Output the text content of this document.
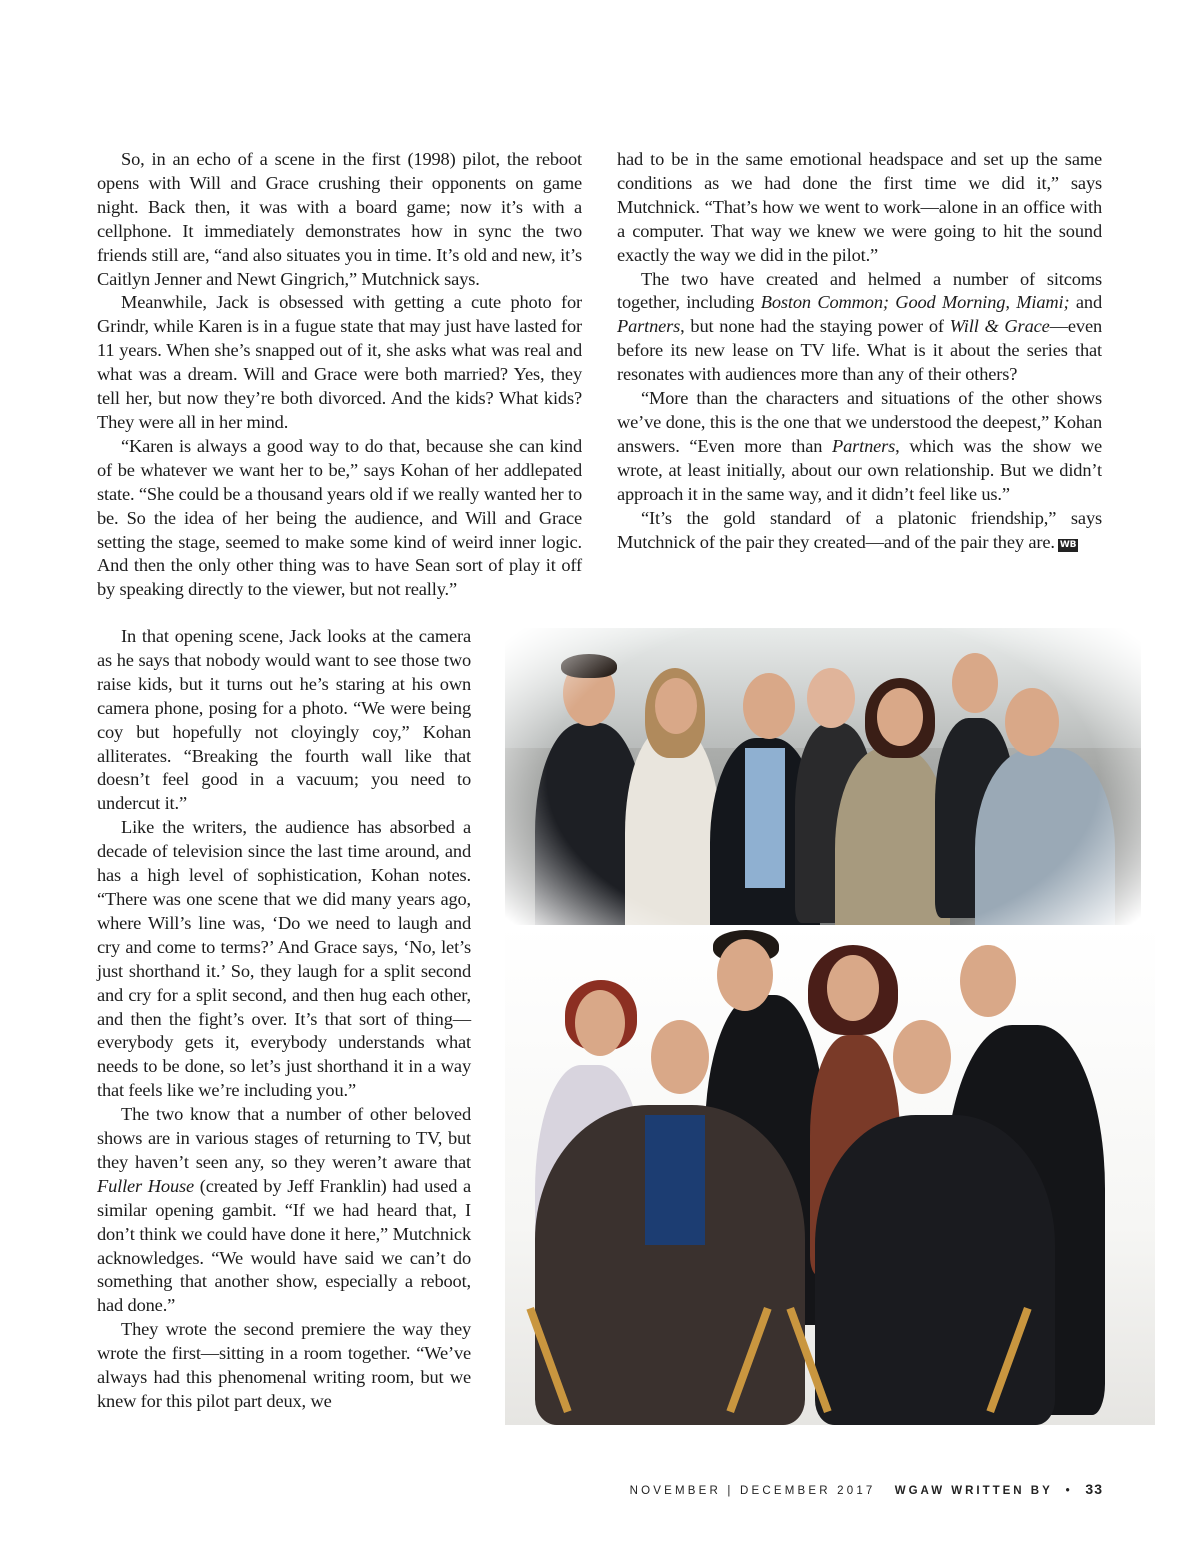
So, in an echo of a scene in the first (1998) pilot, the reboot opens with Will and Grace crushing their opponents on game night. Back then, it was with a board game; now it’s with a cellphone. It immediately demonstrates how in sync the two friends still are, “and also situates you in time. It’s old and new, it’s Caitlyn Jenner and Newt Gingrich,” Mutchnick says.

Meanwhile, Jack is obsessed with getting a cute photo for Grindr, while Karen is in a fugue state that may just have lasted for 11 years. When she’s snapped out of it, she asks what was real and what was a dream. Will and Grace were both married? Yes, they tell her, but now they’re both divorced. And the kids? What kids? They were all in her mind.

“Karen is always a good way to do that, because she can kind of be whatever we want her to be,” says Kohan of her addlepated state. “She could be a thousand years old if we really wanted her to be. So the idea of her being the audience, and Will and Grace setting the stage, seemed to make some kind of weird inner logic. And then the only other thing was to have Sean sort of play it off by speaking directly to the viewer, but not really.”

In that opening scene, Jack looks at the camera as he says that nobody would want to see those two raise kids, but it turns out he’s staring at his own camera phone, posing for a photo. “We were being coy but hopefully not cloyingly coy,” Kohan alliterates. “Breaking the fourth wall like that doesn’t feel good in a vacuum; you need to undercut it.”

Like the writers, the audience has absorbed a decade of television since the last time around, and has a high level of sophistication, Kohan notes. “There was one scene that we did many years ago, where Will’s line was, ‘Do we need to laugh and cry and come to terms?’ And Grace says, ‘No, let’s just shorthand it.’ So, they laugh for a split second and cry for a split second, and then hug each other, and then the fight’s over. It’s that sort of thing—everybody gets it, everybody understands what needs to be done, so let’s just shorthand it in a way that feels like we’re including you.”

The two know that a number of other beloved shows are in various stages of returning to TV, but they haven’t seen any, so they weren’t aware that Fuller House (created by Jeff Franklin) had used a similar opening gambit. “If we had heard that, I don’t think we could have done it here,” Mutchnick acknowledges. “We would have said we can’t do something that another show, especially a reboot, had done.”

They wrote the second premiere the way they wrote the first—sitting in a room together. “We’ve always had this phenomenal writing room, but we knew for this pilot part deux, we

had to be in the same emotional headspace and set up the same conditions as we had done the first time we did it,” says Mutchnick. “That’s how we went to work—alone in an office with a computer. That way we knew we were going to hit the sound exactly the way we did in the pilot.”

The two have created and helmed a number of sitcoms together, including Boston Common; Good Morning, Miami; and Partners, but none had the staying power of Will & Grace—even before its new lease on TV life. What is it about the series that resonates with audiences more than any of their others?

“More than the characters and situations of the other shows we’ve done, this is the one that we understood the deepest,” Kohan answers. “Even more than Partners, which was the show we wrote, at least initially, about our own relationship. But we didn’t approach it in the same way, and it didn’t feel like us.”

“It’s the gold standard of a platonic friendship,” says Mutchnick of the pair they created—and of the pair they are. WB

NOVEMBER | DECEMBER 2017 WGAW WRITTEN BY • 33
